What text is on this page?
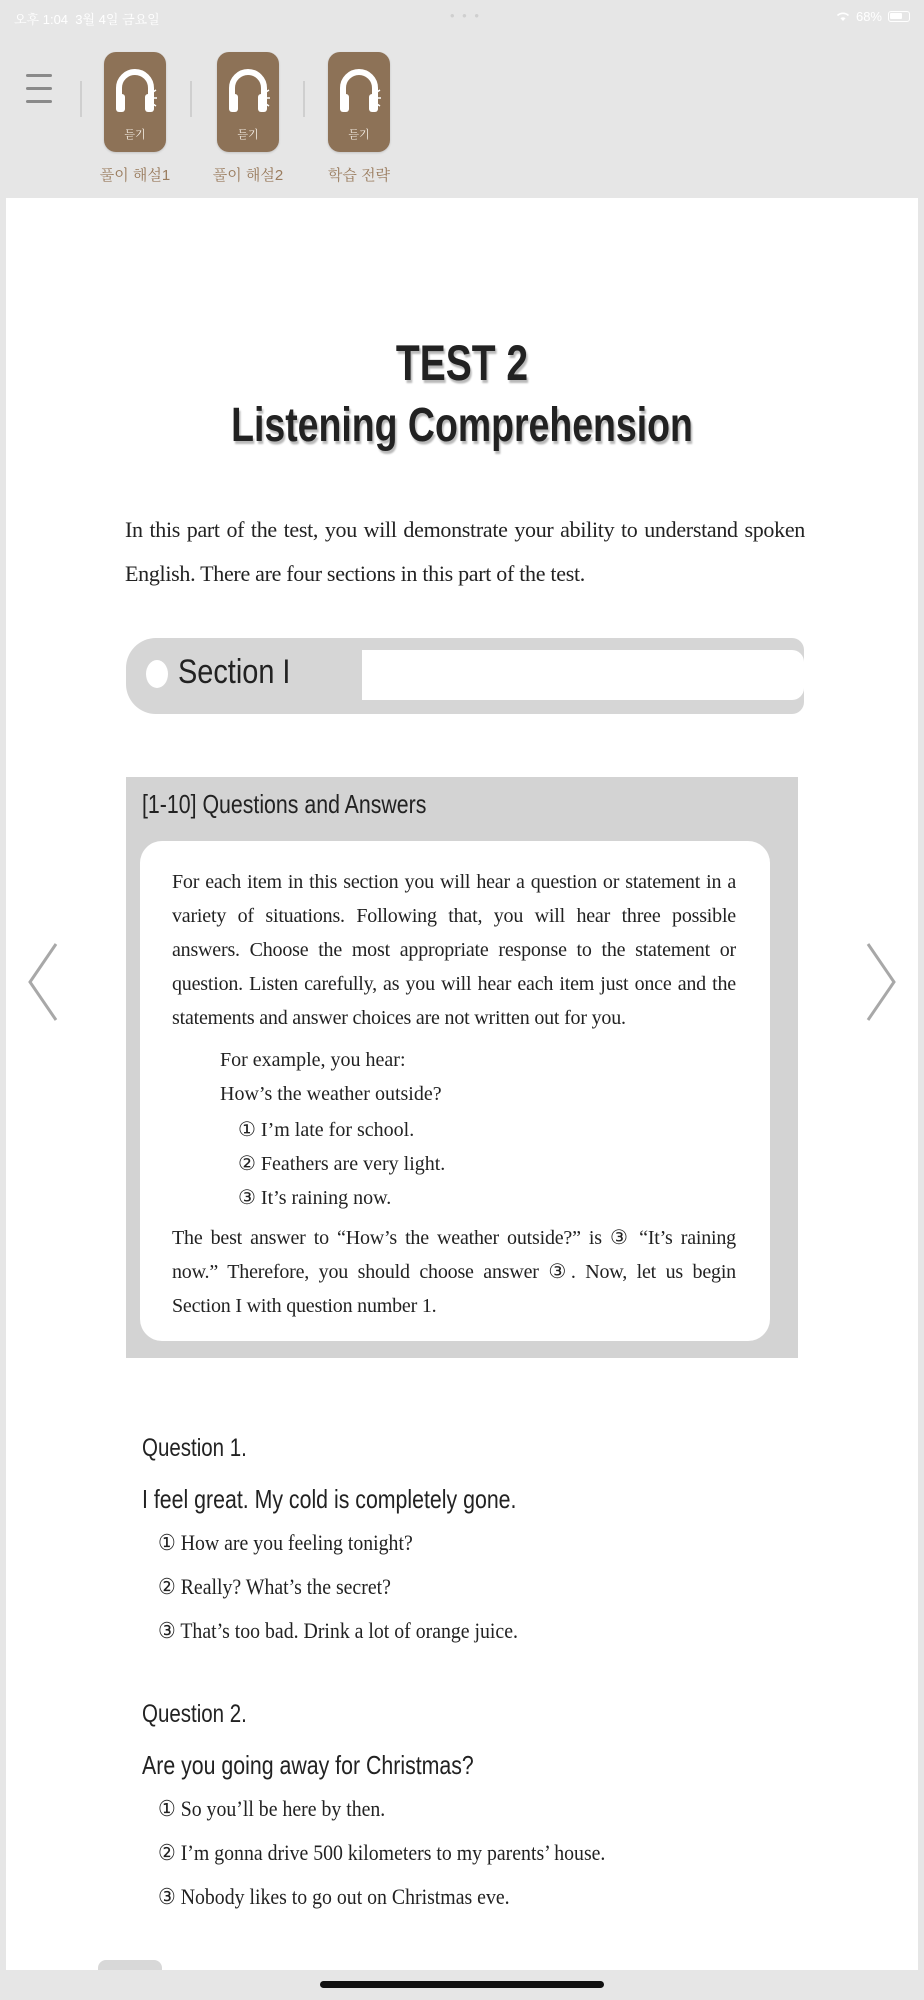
오후 1:04 3월 4일 금요일	• • •	68%
듣기
풀이 해설1
듣기
풀이 해설2
듣기
학습 전략
TEST 2
Listening Comprehension
In this part of the test, you will demonstrate your ability to understand spoken English. There are four sections in this part of the test.
Section I
[1-10] Questions and Answers
For each item in this section you will hear a question or statement in a variety of situations. Following that, you will hear three possible answers. Choose the most appropriate response to the statement or question. Listen carefully, as you will hear each item just once and the statements and answer choices are not written out for you.
For example, you hear:
How’s the weather outside?
① I’m late for school.
② Feathers are very light.
③ It’s raining now.
The best answer to “How’s the weather outside?” is ③ “It’s raining now.” Therefore, you should choose answer ③. Now, let us begin Section I with question number 1.
Question 1.
I feel great. My cold is completely gone.
① How are you feeling tonight?
② Really? What’s the secret?
③ That’s too bad. Drink a lot of orange juice.
Question 2.
Are you going away for Christmas?
① So you’ll be here by then.
② I’m gonna drive 500 kilometers to my parents’ house.
③ Nobody likes to go out on Christmas eve.
